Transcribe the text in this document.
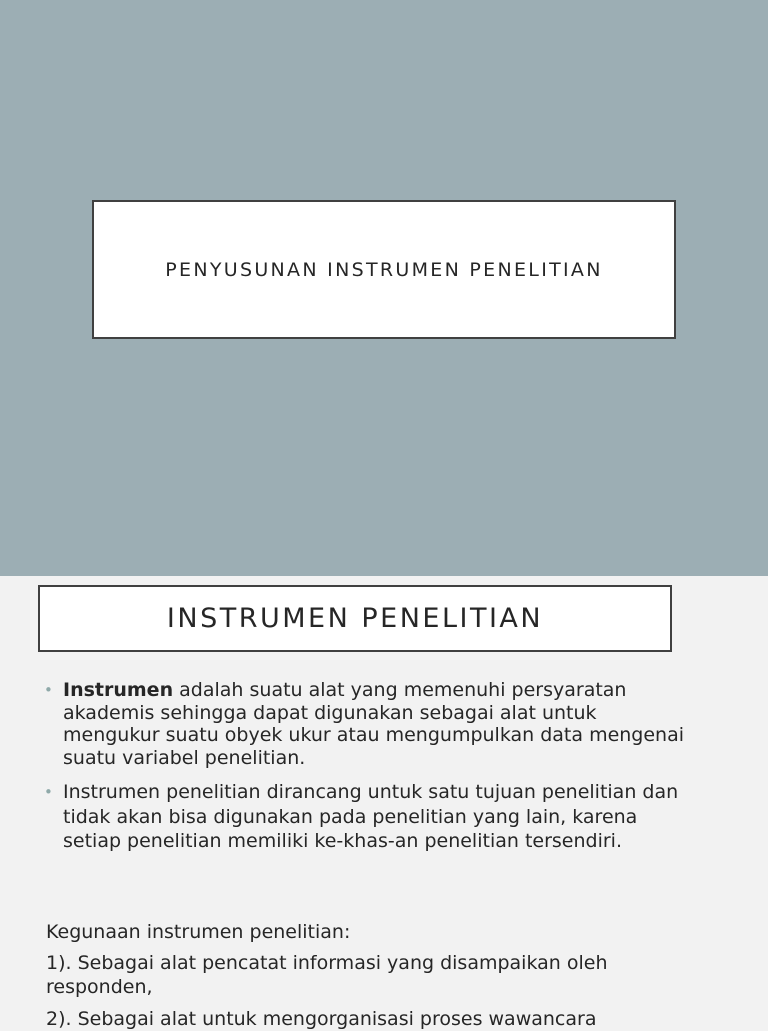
PENYUSUNAN INSTRUMEN PENELITIAN
INSTRUMEN PENELITIAN
• Instrumen adalah suatu alat yang memenuhi persyaratan akademis sehingga dapat digunakan sebagai alat untuk mengukur suatu obyek ukur atau mengumpulkan data mengenai suatu variabel penelitian.
• Instrumen penelitian dirancang untuk satu tujuan penelitian dan tidak akan bisa digunakan pada penelitian yang lain, karena setiap penelitian memiliki ke-khas-an penelitian tersendiri.

Kegunaan instrumen penelitian:

1). Sebagai alat pencatat informasi yang disampaikan oleh responden,

2). Sebagai alat untuk mengorganisasi proses wawancara
